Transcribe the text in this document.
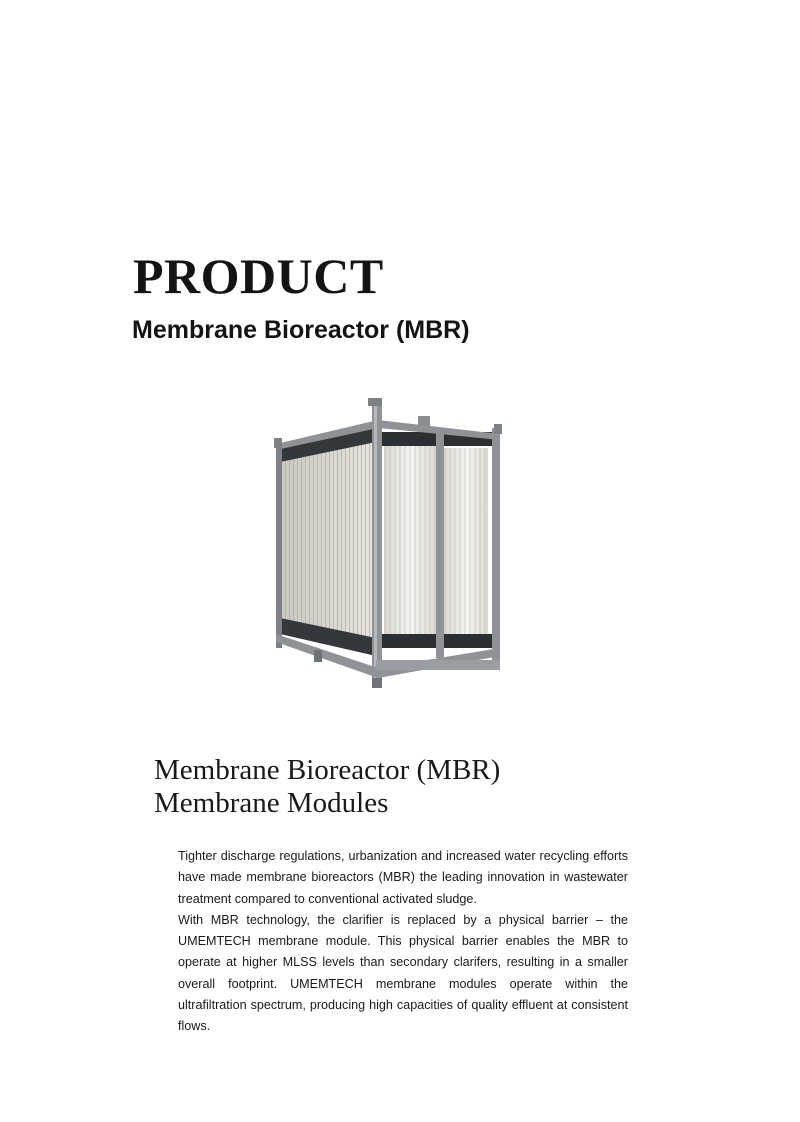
PRODUCT
Membrane Bioreactor (MBR)
Membrane Bioreactor (MBR)
Membrane Modules

Tighter discharge regulations, urbanization and increased water recycling efforts have made membrane bioreactors (MBR) the leading innovation in wastewater treatment compared to conventional activated sludge.

With MBR technology, the clarifier is replaced by a physical barrier – the UMEMTECH membrane module. This physical barrier enables the MBR to operate at higher MLSS levels than secondary clarifers, resulting in a smaller overall footprint. UMEMTECH membrane modules operate within the ultrafiltration spectrum, producing high capacities of quality effluent at consistent flows.
